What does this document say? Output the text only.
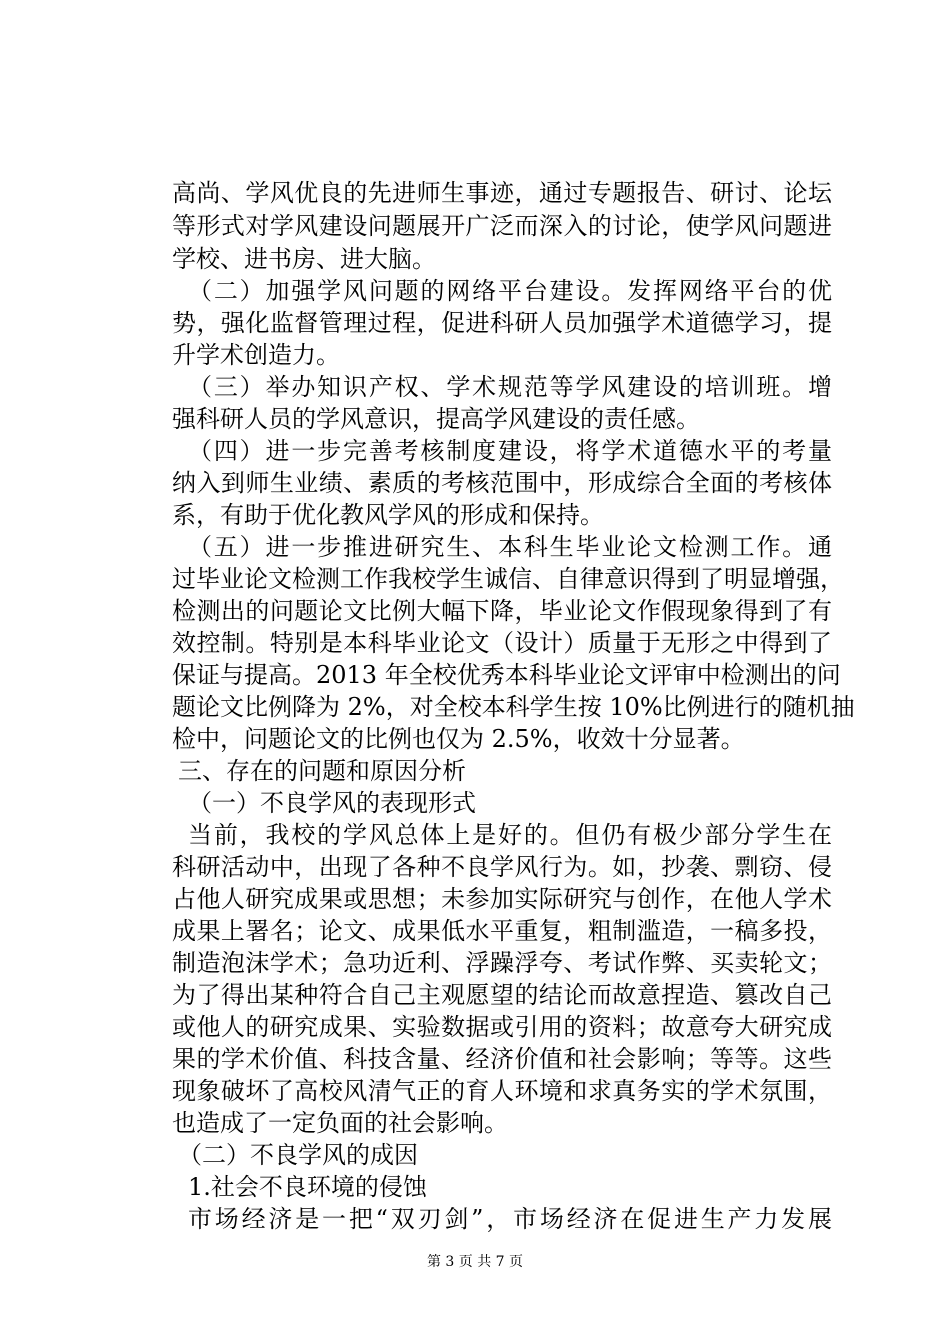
高尚、学风优良的先进师生事迹，通过专题报告、研讨、论坛
等形式对学风建设问题展开广泛而深入的讨论，使学风问题进
学校、进书房、进大脑。
（二）加强学风问题的网络平台建设。发挥网络平台的优
势，强化监督管理过程，促进科研人员加强学术道德学习，提
升学术创造力。
（三）举办知识产权、学术规范等学风建设的培训班。增
强科研人员的学风意识，提高学风建设的责任感。
（四）进一步完善考核制度建设，将学术道德水平的考量
纳入到师生业绩、素质的考核范围中，形成综合全面的考核体
系，有助于优化教风学风的形成和保持。
（五）进一步推进研究生、本科生毕业论文检测工作。通
过毕业论文检测工作我校学生诚信、自律意识得到了明显增强，
检测出的问题论文比例大幅下降，毕业论文作假现象得到了有
效控制。特别是本科毕业论文（设计）质量于无形之中得到了
保证与提高。2013 年全校优秀本科毕业论文评审中检测出的问
题论文比例降为 2%，对全校本科学生按 10%比例进行的随机抽
检中，问题论文的比例也仅为 2.5%，收效十分显著。
三、存在的问题和原因分析
（一）不良学风的表现形式
当前，我校的学风总体上是好的。但仍有极少部分学生在
科研活动中，出现了各种不良学风行为。如，抄袭、剽窃、侵
占他人研究成果或思想；未参加实际研究与创作，在他人学术
成果上署名；论文、成果低水平重复，粗制滥造，一稿多投，
制造泡沫学术；急功近利、浮躁浮夸、考试作弊、买卖轮文；
为了得出某种符合自己主观愿望的结论而故意捏造、篡改自己
或他人的研究成果、实验数据或引用的资料；故意夸大研究成
果的学术价值、科技含量、经济价值和社会影响；等等。这些
现象破坏了高校风清气正的育人环境和求真务实的学术氛围，
也造成了一定负面的社会影响。
（二）不良学风的成因
1.社会不良环境的侵蚀
市场经济是一把“双刃剑”，市场经济在促进生产力发展
第 3 页 共 7 页
